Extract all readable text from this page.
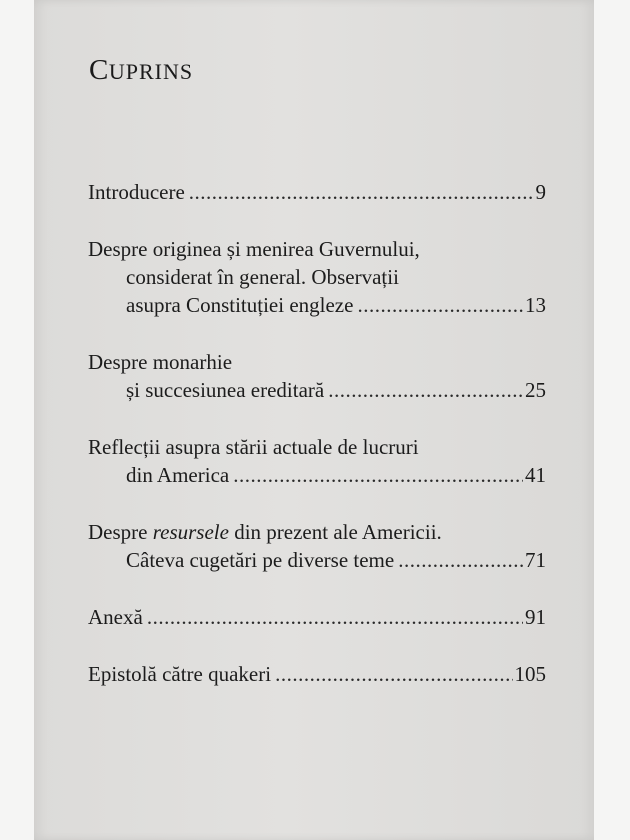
CUPRINS
Introducere .....	9
Despre originea și menirea Guvernului,
considerat în general. Observații
asupra Constituției engleze .....	13
Despre monarhie
și succesiunea ereditară .....	25
Reflecții asupra stării actuale de lucruri
din America .....	41
Despre resursele din prezent ale Americii.
Câteva cugetări pe diverse teme .....	71
Anexă .....	91
Epistolă către quakeri .....	105
